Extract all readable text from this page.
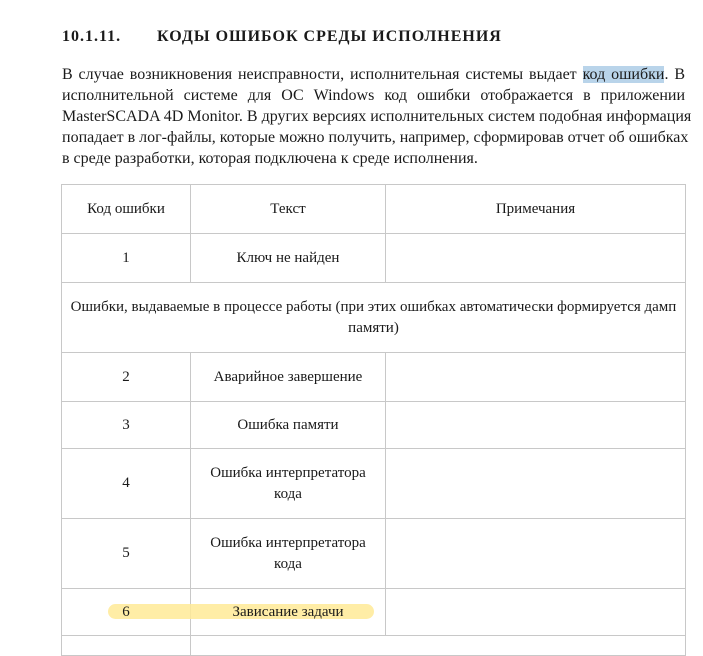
10.1.11. КОДЫ ОШИБОК СРЕДЫ ИСПОЛНЕНИЯ
В случае возникновения неисправности, исполнительная системы выдает код ошибки. В
исполнительной системе для ОС Windows код ошибки отображается в приложении
MasterSCADA 4D Monitor. В других версиях исполнительных систем подобная информация
попадает в лог-файлы, которые можно получить, например, сформировав отчет об ошибках
в среде разработки, которая подключена к среде исполнения.
Код ошибки	Текст	Примечания
1	Ключ не найден	
Ошибки, выдаваемые в процессе работы (при этих ошибках автоматически формируется дамп памяти)		
2	Аварийное завершение	
3	Ошибка памяти	
4	Ошибка интерпретатора кода	
5	Ошибка интерпретатора кода	
6	Зависание задачи	
